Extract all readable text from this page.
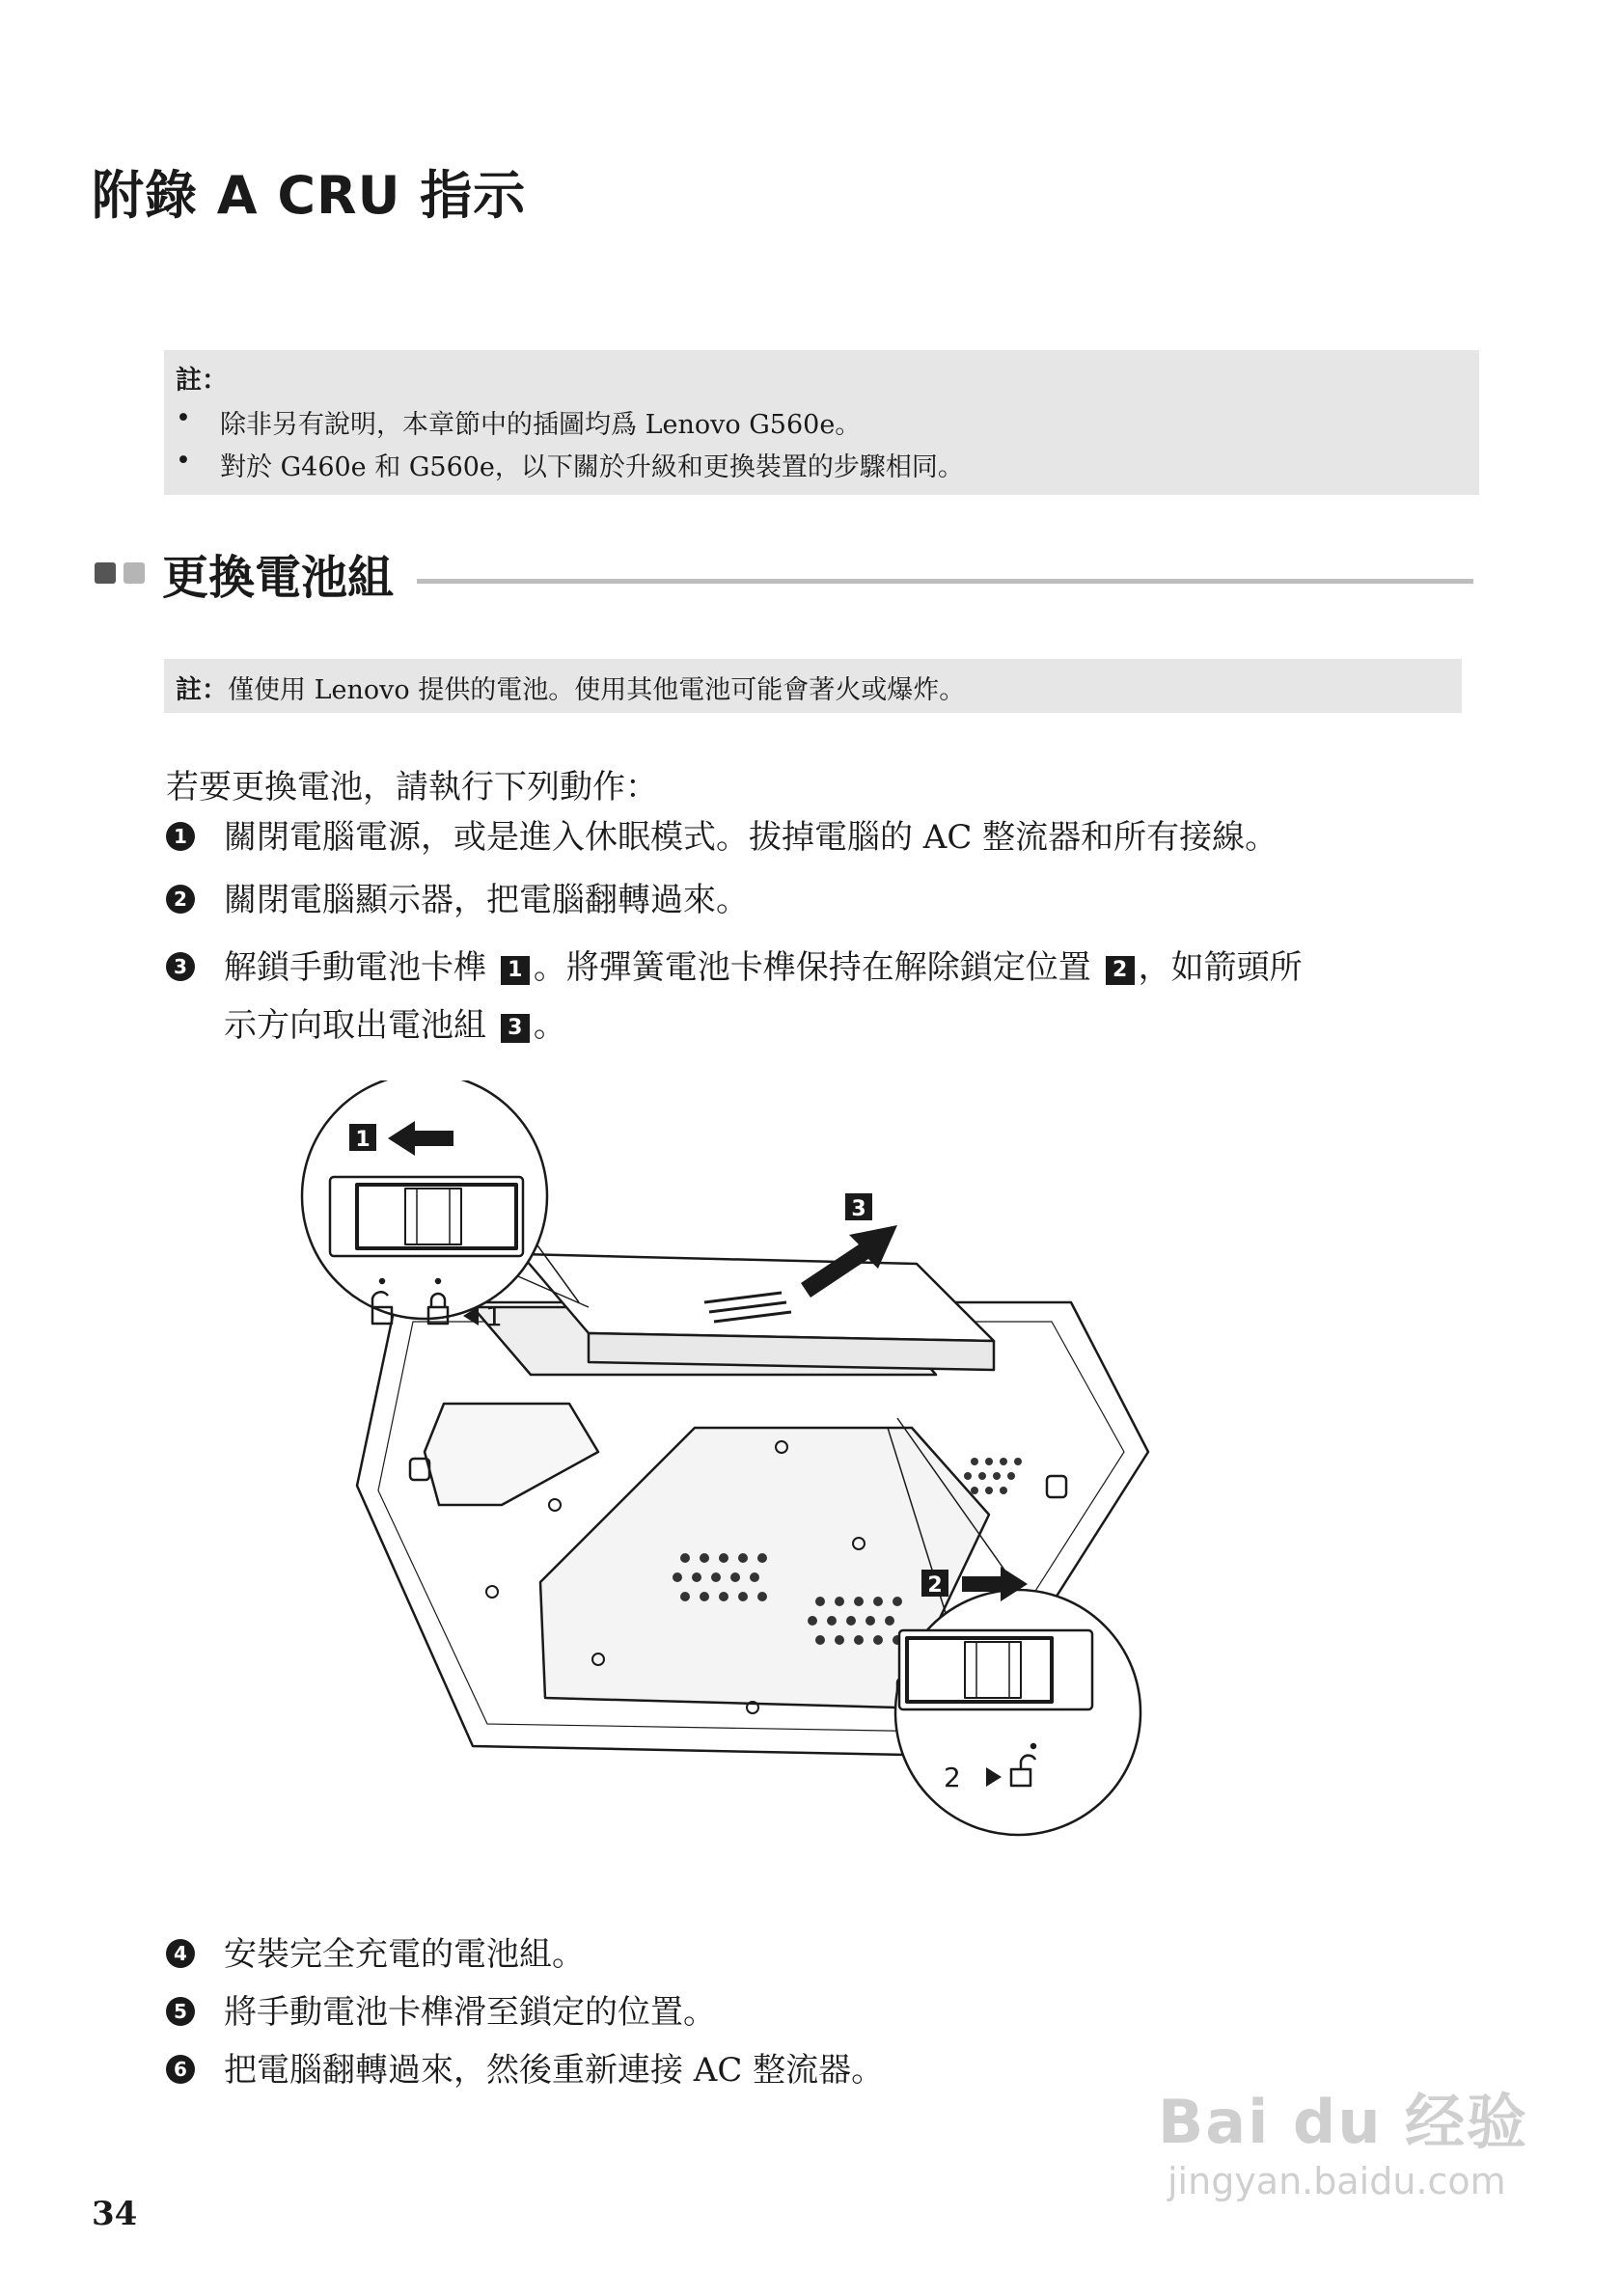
附錄 A CRU 指示
註：
• 除非另有說明，本章節中的插圖均爲 Lenovo G560e。
• 對於 G460e 和 G560e，以下關於升級和更換裝置的步驟相同。
更換電池組
註：僅使用 Lenovo 提供的電池。使用其他電池可能會著火或爆炸。
若要更換電池，請執行下列動作：
1 關閉電腦電源，或是進入休眠模式。拔掉電腦的 AC 整流器和所有接線。
2 關閉電腦顯示器，把電腦翻轉過來。
3 解鎖手動電池卡榫 1 。將彈簧電池卡榫保持在解除鎖定位置 2 ，如箭頭所
示方向取出電池組 3 。
1
1
3
2
2
4 安裝完全充電的電池組。
5 將手動電池卡榫滑至鎖定的位置。
6 把電腦翻轉過來，然後重新連接 AC 整流器。
34
Bai du 经验
jingyan.baidu.com
